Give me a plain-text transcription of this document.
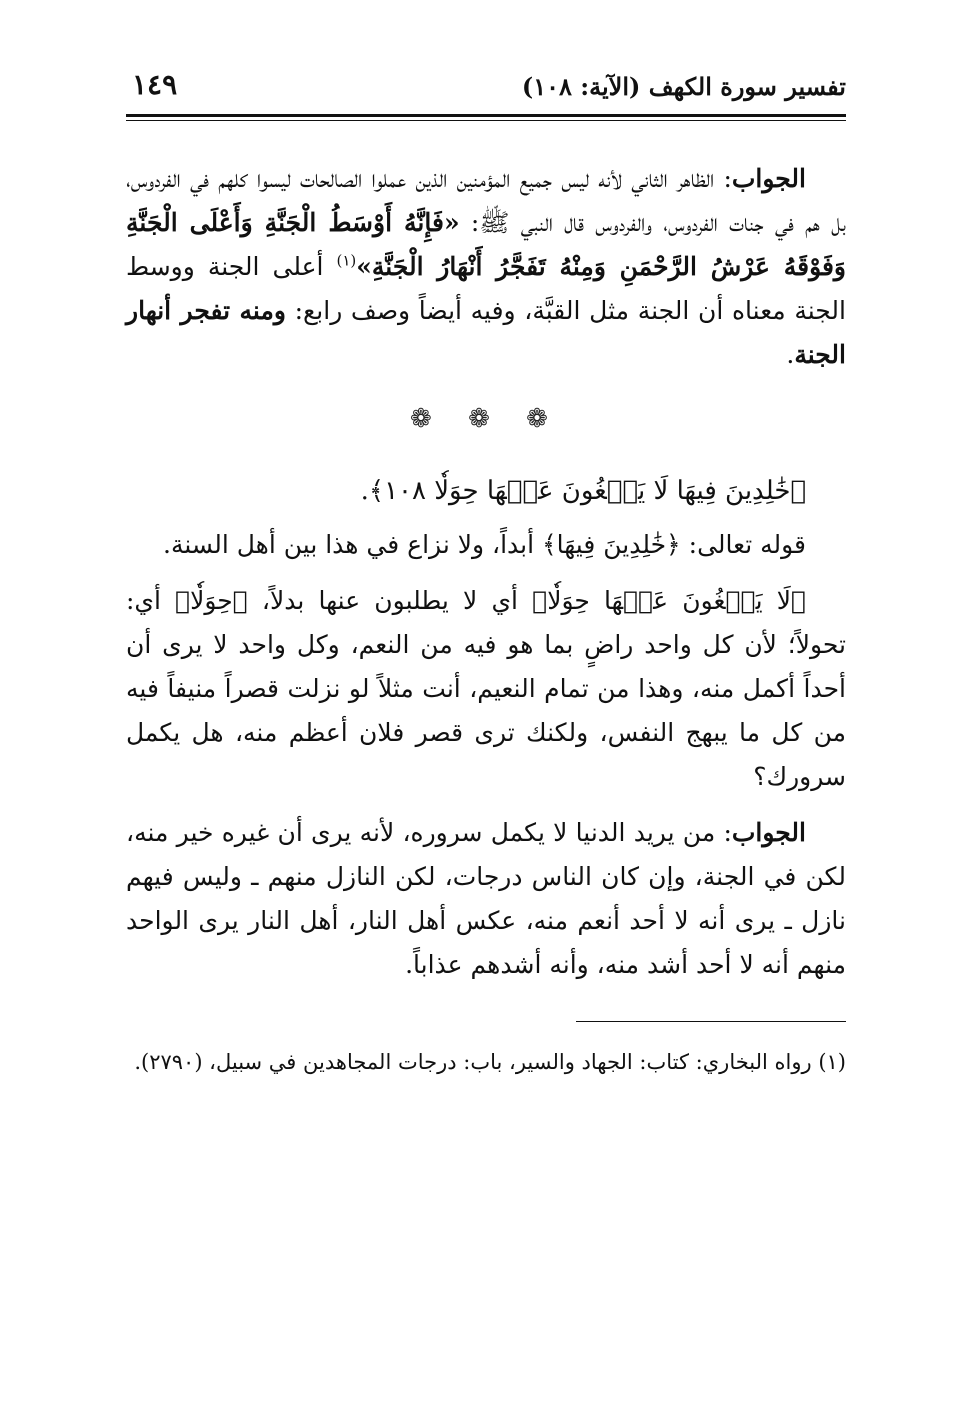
تفسير سورة الكهف (الآية: ١٠٨)
١٤٩

الجواب: الظاهر الثاني لأنه ليس جميع المؤمنين الذين عملوا الصالحات ليسوا كلهم في الفردوس، بل هم في جنات الفردوس، والفردوس قال النبي ﷺ: «فَإِنَّهُ أَوْسَطُ الْجَنَّةِ وَأَعْلَى الْجَنَّةِ وَفَوْقَهُ عَرْشُ الرَّحْمَنِ وَمِنْهُ تَفَجَّرُ أَنْهَارُ الْجَنَّةِ»$^{(١)}$ أعلى الجنة ووسط الجنة معناه أن الجنة مثل القبَّة، وفيه أيضاً وصف رابع: ومنه تفجر أنهار الجنة.

❁ ❁ ❁

﴿خَٰلِدِينَ فِيهَا لَا يَبۡغُونَ عَنۡهَا حِوَلٗا ١٠٨﴾.

قوله تعالى: ﴿خَٰلِدِينَ فِيهَا﴾ أبداً، ولا نزاع في هذا بين أهل السنة.

﴿لَا يَبۡغُونَ عَنۡهَا حِوَلٗا﴾ أي لا يطلبون عنها بدلاً، ﴿حِوَلٗا﴾ أي: تحولاً؛ لأن كل واحد راضٍ بما هو فيه من النعم، وكل واحد لا يرى أن أحداً أكمل منه، وهذا من تمام النعيم، أنت مثلاً لو نزلت قصراً منيفاً فيه من كل ما يبهج النفس، ولكنك ترى قصر فلان أعظم منه، هل يكمل سرورك؟

الجواب: من يريد الدنيا لا يكمل سروره، لأنه يرى أن غيره خير منه، لكن في الجنة، وإن كان الناس درجات، لكن النازل منهم ـ وليس فيهم نازل ـ يرى أنه لا أحد أنعم منه، عكس أهل النار، أهل النار يرى الواحد منهم أنه لا أحد أشد منه، وأنه أشدهم عذاباً.

(١) رواه البخاري: كتاب: الجهاد والسير، باب: درجات المجاهدين في سبيل، (٢٧٩٠).
